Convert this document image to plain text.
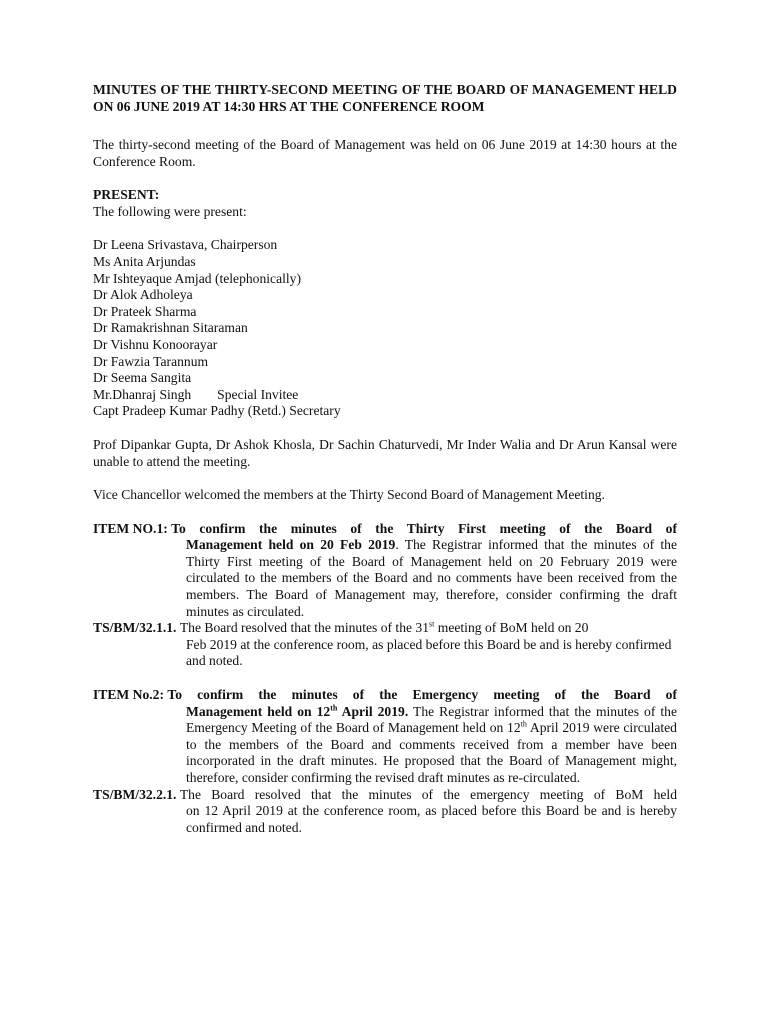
MINUTES OF THE THIRTY-SECOND MEETING OF THE BOARD OF MANAGEMENT HELD ON 06 JUNE 2019 AT 14:30 HRS AT THE CONFERENCE ROOM

The thirty-second meeting of the Board of Management was held on 06 June 2019 at 14:30 hours at the Conference Room.

PRESENT:

The following were present:

Dr Leena Srivastava, Chairperson
Ms Anita Arjundas
Mr Ishteyaque Amjad (telephonically)
Dr Alok Adholeya
Dr Prateek Sharma
Dr Ramakrishnan Sitaraman
Dr Vishnu Konoorayar
Dr Fawzia Tarannum
Dr Seema Sangita
Mr.Dhanraj Singh Special Invitee
Capt Pradeep Kumar Padhy (Retd.) Secretary

Prof Dipankar Gupta, Dr Ashok Khosla, Dr Sachin Chaturvedi, Mr Inder Walia and Dr Arun Kansal were unable to attend the meeting.

Vice Chancellor welcomed the members at the Thirty Second Board of Management Meeting.

ITEM NO.1: To confirm the minutes of the Thirty First meeting of the Board of

Management held on 20 Feb 2019. The Registrar informed that the minutes of the Thirty First meeting of the Board of Management held on 20 February 2019 were circulated to the members of the Board and no comments have been received from the members. The Board of Management may, therefore, consider confirming the draft minutes as circulated.

TS/BM/32.1.1. The Board resolved that the minutes of the 31st meeting of BoM held on 20

Feb 2019 at the conference room, as placed before this Board be and is hereby confirmed and noted.

ITEM No.2: To confirm the minutes of the Emergency meeting of the Board of

Management held on 12th April 2019. The Registrar informed that the minutes of the Emergency Meeting of the Board of Management held on 12th April 2019 were circulated to the members of the Board and comments received from a member have been incorporated in the draft minutes. He proposed that the Board of Management might, therefore, consider confirming the revised draft minutes as re-circulated.

TS/BM/32.2.1. The Board resolved that the minutes of the emergency meeting of BoM held

on 12 April 2019 at the conference room, as placed before this Board be and is hereby confirmed and noted.
